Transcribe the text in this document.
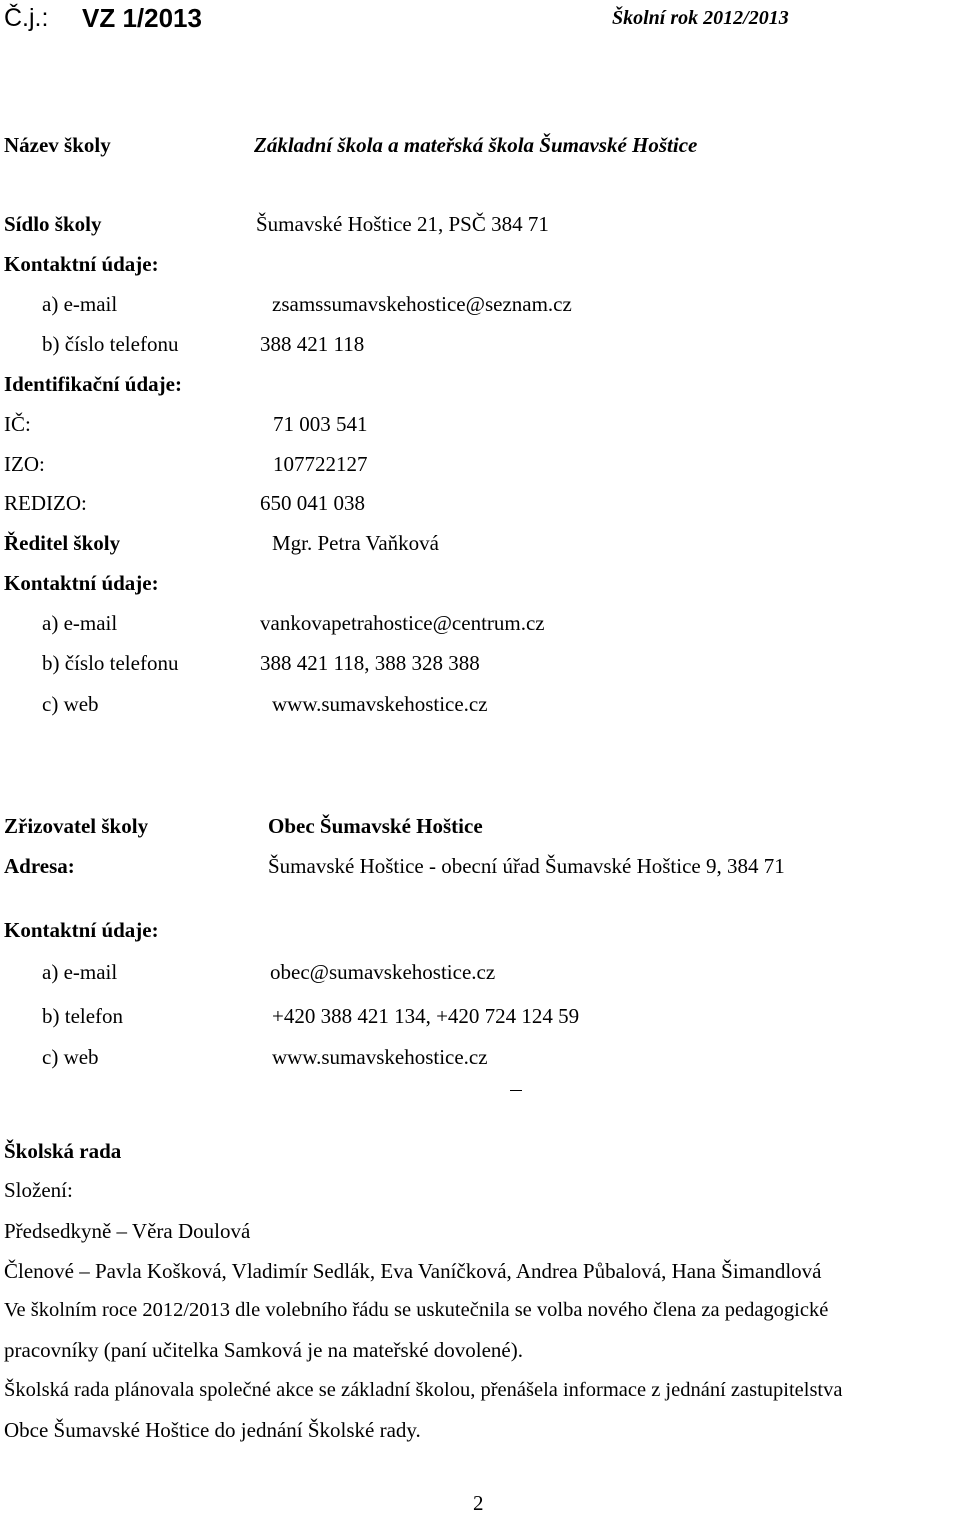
Č.j.: VZ 1/2013	Školní rok 2012/2013
Název školy	Základní škola a mateřská škola Šumavské Hoštice
Sídlo školy	Šumavské Hoštice 21, PSČ 384 71
Kontaktní údaje:
a) e-mail	zsamssumavskehostice@seznam.cz
b) číslo telefonu	388 421 118
Identifikační údaje:
IČ:	71 003 541
IZO:	107722127
REDIZO:	650 041 038
Ředitel školy	Mgr. Petra Vaňková
Kontaktní údaje:
a) e-mail	vankovapetrahostice@centrum.cz
b) číslo telefonu	388 421 118, 388 328 388
c) web	www.sumavskehostice.cz
Zřizovatel školy	Obec Šumavské Hoštice
Adresa:	Šumavské Hoštice - obecní úřad Šumavské Hoštice 9, 384 71
Kontaktní údaje:
a) e-mail	obec@sumavskehostice.cz
b) telefon	+420 388 421 134, +420 724 124 59
c) web	www.sumavskehostice.cz
Školská rada
Složení:
Předsedkyně – Věra Doulová
Členové – Pavla Košková, Vladimír Sedlák, Eva Vaníčková, Andrea Půbalová, Hana Šimandlová
Ve školním roce 2012/2013 dle volebního řádu se uskutečnila se volba nového člena za pedagogické
pracovníky (paní učitelka Samková je na mateřské dovolené).
Školská rada plánovala společné akce se základní školou, přenášela informace z jednání zastupitelstva
Obce Šumavské Hoštice do jednání Školské rady.
2
